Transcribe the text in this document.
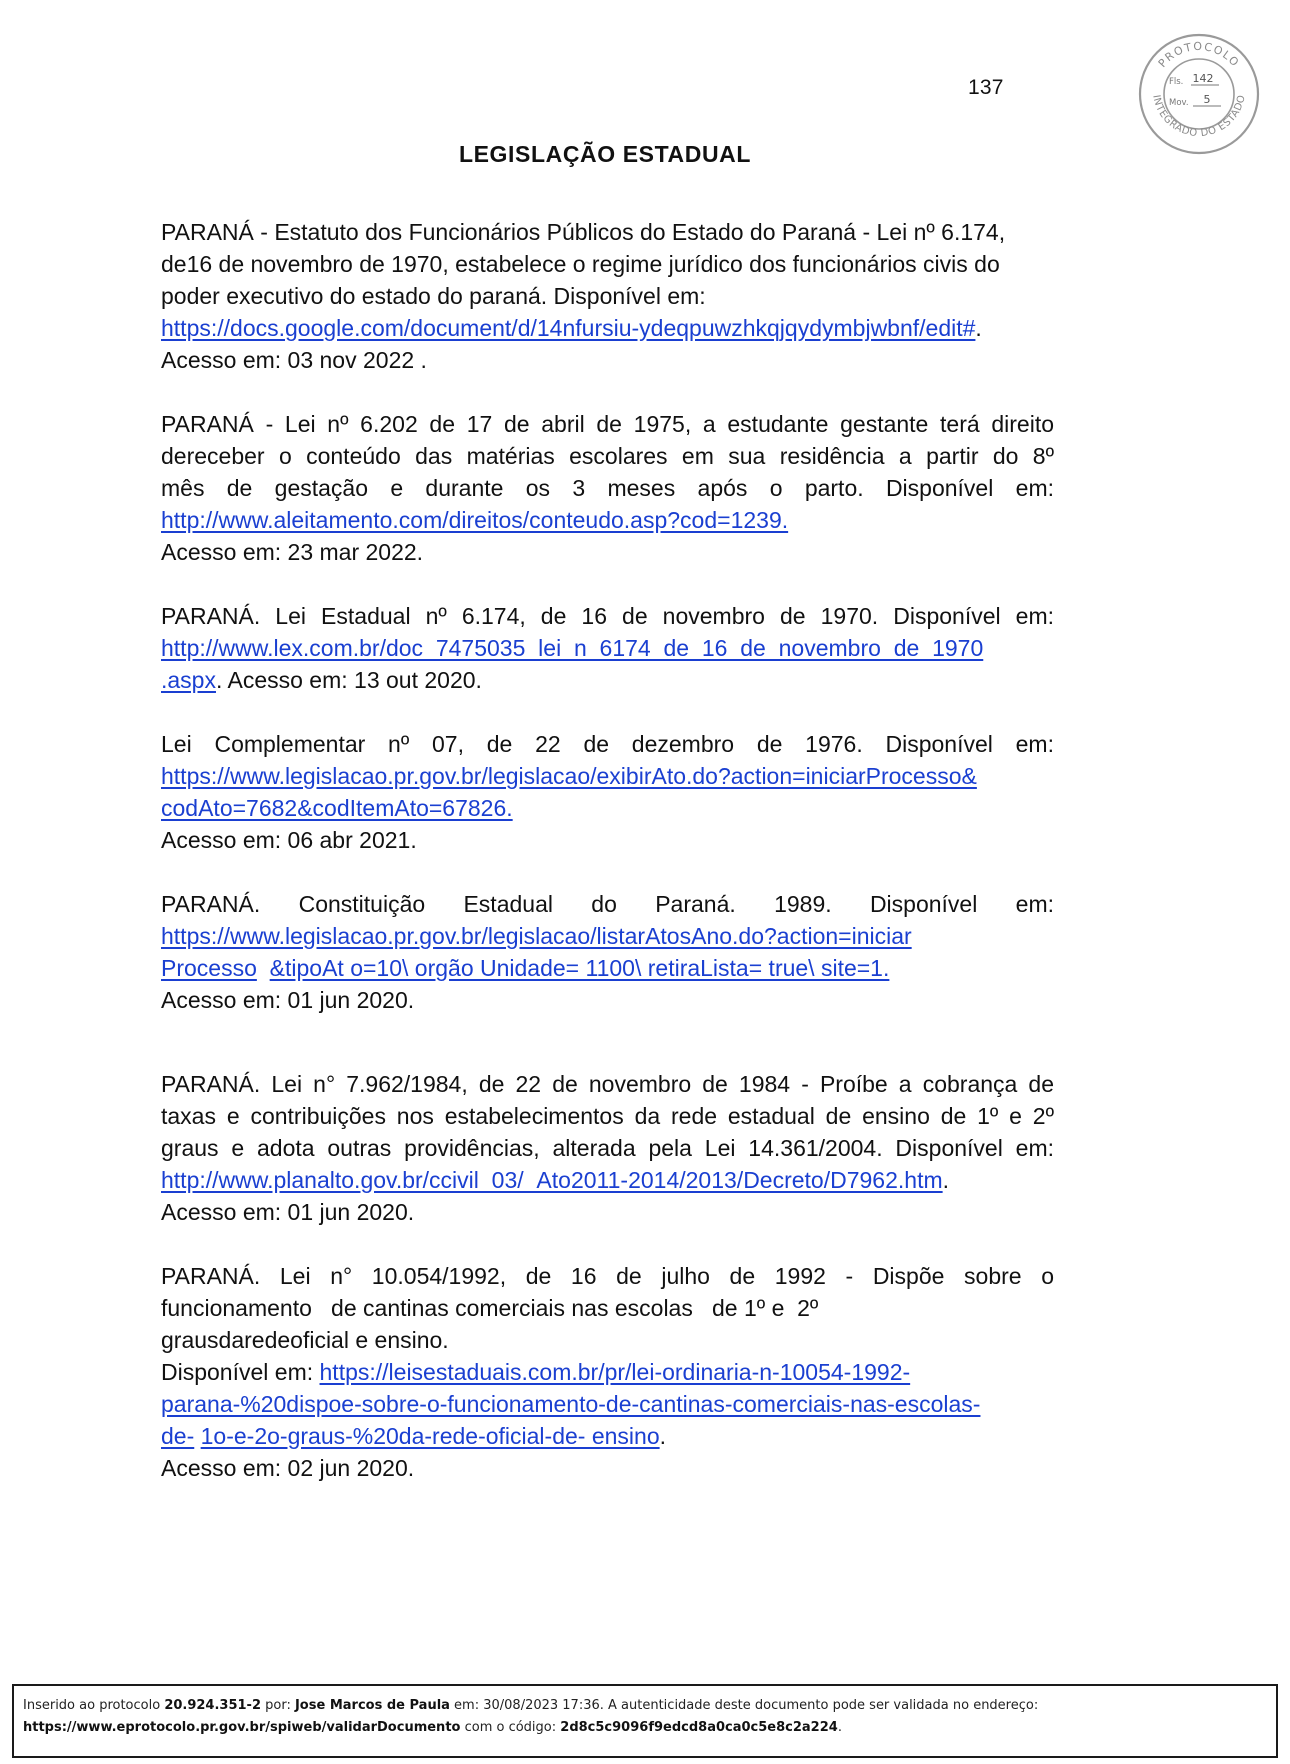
137
PROTOCOLO
INTEGRADO DO ESTADO
Fls. 142
Mov. 5
LEGISLAÇÃO ESTADUAL

PARANÁ - Estatuto dos Funcionários Públicos do Estado do Paraná - Lei nº 6.174,

de16 de novembro de 1970, estabelece o regime jurídico dos funcionários civis do

poder executivo do estado do paraná. Disponível em:

https://docs.google.com/document/d/14nfursiu-ydeqpuwzhkqjqydymbjwbnf/edit#.

Acesso em: 03 nov 2022 .

PARANÁ - Lei nº 6.202 de 17 de abril de 1975, a estudante gestante terá direito

dereceber o conteúdo das matérias escolares em sua residência a partir do 8º

mês de gestação e durante os 3 meses após o parto. Disponível em:

http://www.aleitamento.com/direitos/conteudo.asp?cod=1239.

Acesso em: 23 mar 2022.

PARANÁ. Lei Estadual nº 6.174, de 16 de novembro de 1970. Disponível em:

http://www.lex.com.br/doc_7475035_lei_n_6174_de_16_de_novembro_de_1970

.aspx. Acesso em: 13 out 2020.

Lei Complementar nº 07, de 22 de dezembro de 1976. Disponível em:

https://www.legislacao.pr.gov.br/legislacao/exibirAto.do?action=iniciarProcesso&

codAto=7682&codItemAto=67826.

Acesso em: 06 abr 2021.

PARANÁ. Constituição Estadual do Paraná. 1989. Disponível em:

https://www.legislacao.pr.gov.br/legislacao/listarAtosAno.do?action=iniciar

Processo &tipoAt o=10\ orgão Unidade= 1100\ retiraLista= true\ site=1.

Acesso em: 01 jun 2020.

PARANÁ. Lei n° 7.962/1984, de 22 de novembro de 1984 - Proíbe a cobrança de

taxas e contribuições nos estabelecimentos da rede estadual de ensino de 1º e 2º

graus e adota outras providências, alterada pela Lei 14.361/2004. Disponível em:

http://www.planalto.gov.br/ccivil_03/_Ato2011-2014/2013/Decreto/D7962.htm.

Acesso em: 01 jun 2020.

PARANÁ. Lei n° 10.054/1992, de 16 de julho de 1992 - Dispõe sobre o

funcionamento   de cantinas comerciais nas escolas   de 1º e  2º

grausdaredeoficial e ensino.

Disponível em: https://leisestaduais.com.br/pr/lei-ordinaria-n-10054-1992-

parana-%20dispoe-sobre-o-funcionamento-de-cantinas-comerciais-nas-escolas-

de- 1o-e-2o-graus-%20da-rede-oficial-de- ensino.

Acesso em: 02 jun 2020.

Inserido ao protocolo 20.924.351-2 por: Jose Marcos de Paula em: 30/08/2023 17:36. A autenticidade deste documento pode ser validada no endereço:
https://www.eprotocolo.pr.gov.br/spiweb/validarDocumento com o código: 2d8c5c9096f9edcd8a0ca0c5e8c2a224.
